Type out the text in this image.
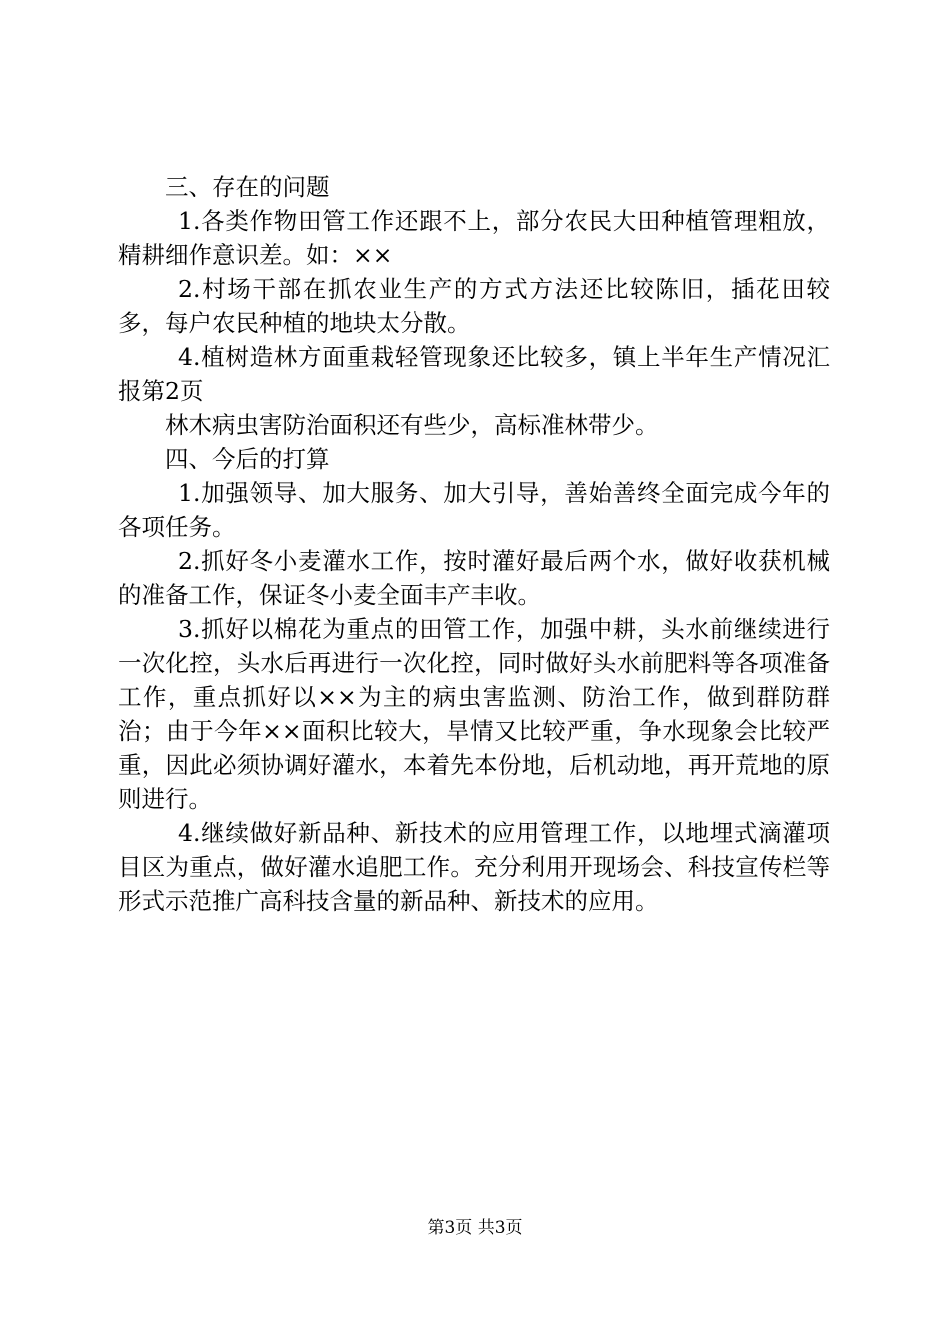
三、存在的问题

1.各类作物田管工作还跟不上，部分农民大田种植管理粗放，精耕细作意识差。如：××

2.村场干部在抓农业生产的方式方法还比较陈旧，插花田较多，每户农民种植的地块太分散。

4.植树造林方面重栽轻管现象还比较多，镇上半年生产情况汇报第2页

林木病虫害防治面积还有些少，高标准林带少。

四、今后的打算

1.加强领导、加大服务、加大引导，善始善终全面完成今年的各项任务。

2.抓好冬小麦灌水工作，按时灌好最后两个水，做好收获机械的准备工作，保证冬小麦全面丰产丰收。

3.抓好以棉花为重点的田管工作，加强中耕，头水前继续进行一次化控，头水后再进行一次化控，同时做好头水前肥料等各项准备工作，重点抓好以××为主的病虫害监测、防治工作，做到群防群治；由于今年××面积比较大，旱情又比较严重，争水现象会比较严重，因此必须协调好灌水，本着先本份地，后机动地，再开荒地的原则进行。

4.继续做好新品种、新技术的应用管理工作，以地埋式滴灌项目区为重点，做好灌水追肥工作。充分利用开现场会、科技宣传栏等形式示范推广高科技含量的新品种、新技术的应用。

第3页 共3页
